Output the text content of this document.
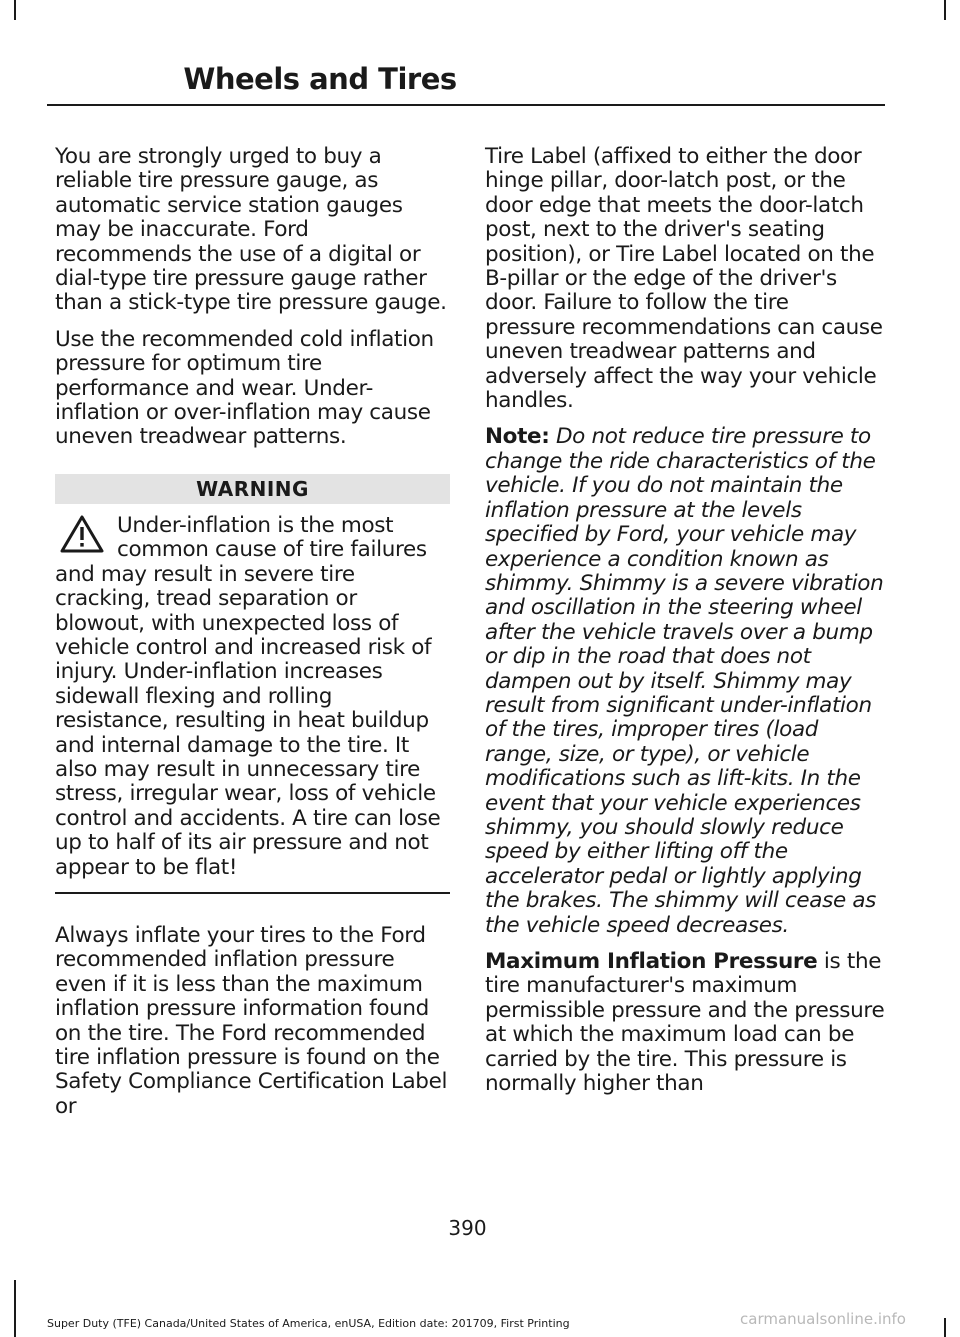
Wheels and Tires

You are strongly urged to buy a reliable tire pressure gauge, as automatic service station gauges may be inaccurate. Ford recommends the use of a digital or dial-type tire pressure gauge rather than a stick-type tire pressure gauge.

Use the recommended cold inflation pressure for optimum tire performance and wear. Under-inflation or over-inflation may cause uneven treadwear patterns.

WARNING
Under-inflation is the most common cause of tire failures and may result in severe tire cracking, tread separation or blowout, with unexpected loss of vehicle control and increased risk of injury. Under-inflation increases sidewall flexing and rolling resistance, resulting in heat buildup and internal damage to the tire. It also may result in unnecessary tire stress, irregular wear, loss of vehicle control and accidents. A tire can lose up to half of its air pressure and not appear to be flat!

Always inflate your tires to the Ford recommended inflation pressure even if it is less than the maximum inflation pressure information found on the tire. The Ford recommended tire inflation pressure is found on the Safety Compliance Certification Label or

Tire Label (affixed to either the door hinge pillar, door-latch post, or the door edge that meets the door-latch post, next to the driver's seating position), or Tire Label located on the B-pillar or the edge of the driver's door. Failure to follow the tire pressure recommendations can cause uneven treadwear patterns and adversely affect the way your vehicle handles.

Note: Do not reduce tire pressure to change the ride characteristics of the vehicle. If you do not maintain the inflation pressure at the levels specified by Ford, your vehicle may experience a condition known as shimmy. Shimmy is a severe vibration and oscillation in the steering wheel after the vehicle travels over a bump or dip in the road that does not dampen out by itself. Shimmy may result from significant under-inflation of the tires, improper tires (load range, size, or type), or vehicle modifications such as lift-kits. In the event that your vehicle experiences shimmy, you should slowly reduce speed by either lifting off the accelerator pedal or lightly applying the brakes. The shimmy will cease as the vehicle speed decreases.

Maximum Inflation Pressure is the tire manufacturer's maximum permissible pressure and the pressure at which the maximum load can be carried by the tire. This pressure is normally higher than

390
Super Duty (TFE) Canada/United States of America, enUSA, Edition date: 201709, First Printing	carmanualsonline.info
